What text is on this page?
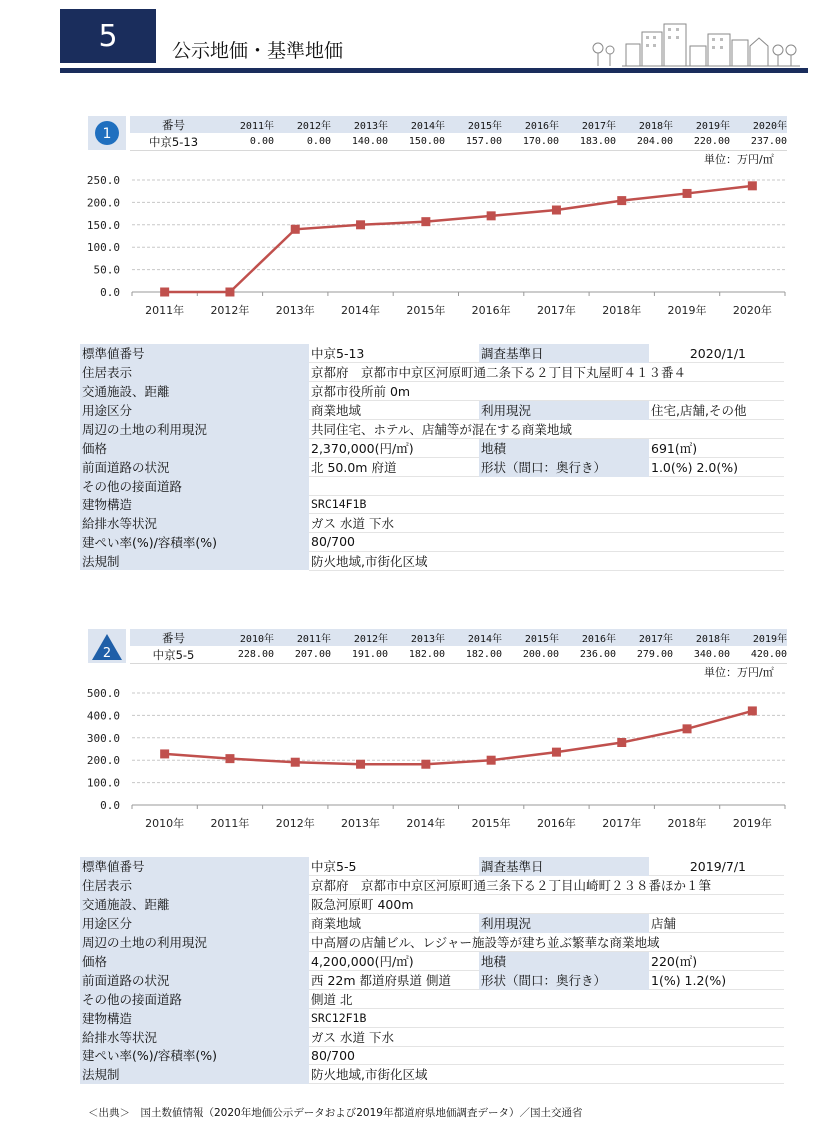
5	公示地価・基準地価
1
番号	2011年	2012年	2013年	2014年	2015年	2016年	2017年	2018年	2019年	2020年
中京5-13	0.00	0.00	140.00	150.00	157.00	170.00	183.00	204.00	220.00	237.00
単位：万円/㎡
0.0
50.0
100.0
150.0
200.0
250.0
2011年 2012年 2013年 2014年 2015年 2016年 2017年 2018年 2019年 2020年
標準値番号	中京5-13	調査基準日	2020/1/1
住居表示	京都府　京都市中京区河原町通二条下る２丁目下丸屋町４１３番４		
交通施設、距離	京都市役所前 0m		
用途区分	商業地域	利用現況	住宅,店舗,その他
周辺の土地の利用現況	共同住宅、ホテル、店舗等が混在する商業地域		
価格	2,370,000(円/㎡)	地積	691(㎡)
前面道路の状況	北 50.0m 府道	形状（間口：奥行き）	1.0(%) 2.0(%)
その他の接面道路			
建物構造	SRC14F1B		
給排水等状況	ガス 水道 下水		
建ぺい率(%)/容積率(%)	80/700		
法規制	防火地域,市街化区域		
2
番号	2010年	2011年	2012年	2013年	2014年	2015年	2016年	2017年	2018年	2019年
中京5-5	228.00	207.00	191.00	182.00	182.00	200.00	236.00	279.00	340.00	420.00
単位：万円/㎡
0.0
100.0
200.0
300.0
400.0
500.0
2010年 2011年 2012年 2013年 2014年 2015年 2016年 2017年 2018年 2019年
標準値番号	中京5-5	調査基準日	2019/7/1
住居表示	京都府　京都市中京区河原町通三条下る２丁目山崎町２３８番ほか１筆		
交通施設、距離	阪急河原町 400m		
用途区分	商業地域	利用現況	店舗
周辺の土地の利用現況	中高層の店舗ビル、レジャー施設等が建ち並ぶ繁華な商業地域		
価格	4,200,000(円/㎡)	地積	220(㎡)
前面道路の状況	西 22m 都道府県道 側道	形状（間口：奥行き）	1(%) 1.2(%)
その他の接面道路	側道 北		
建物構造	SRC12F1B		
給排水等状況	ガス 水道 下水		
建ぺい率(%)/容積率(%)	80/700		
法規制	防火地域,市街化区域		
＜出典＞　国土数値情報（2020年地価公示データおよび2019年都道府県地価調査データ）／国土交通省
